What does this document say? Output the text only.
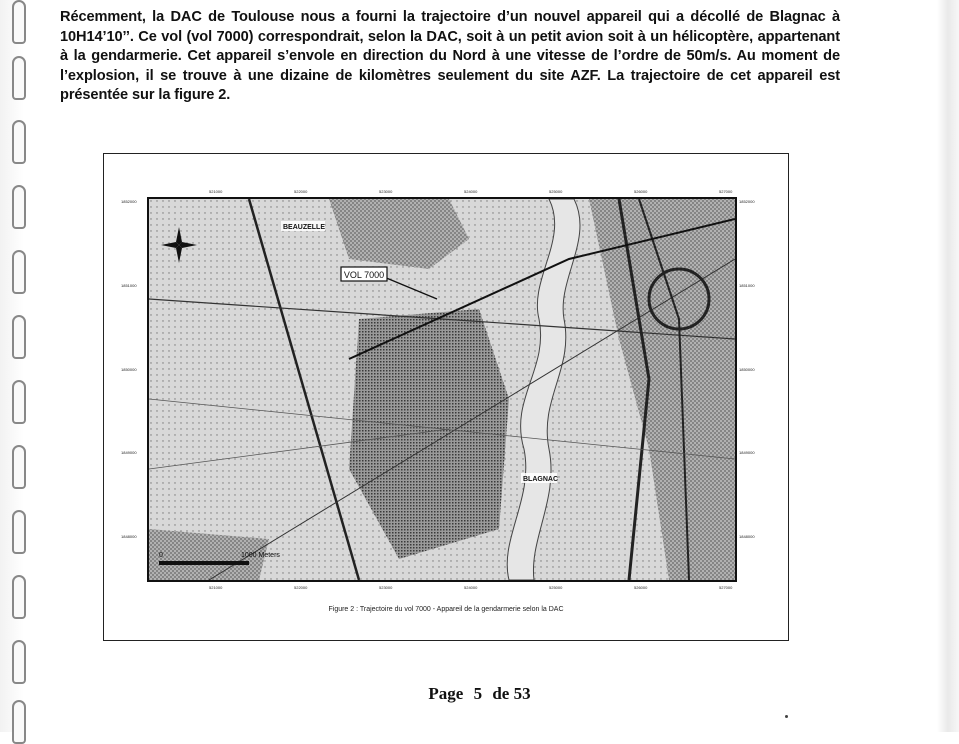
Récemment, la DAC de Toulouse nous a fourni la trajectoire d’un nouvel appareil qui a décollé de Blagnac à 10H14’10’’. Ce vol (vol 7000) correspondrait, selon la DAC, soit à un petit avion soit à un hélicoptère, appartenant à la gendarmerie. Cet appareil s’envole en direction du Nord à une vitesse de l’ordre de 50m/s. Au moment de l’explosion, il se trouve à une dizaine de kilomètres seulement du site AZF. La trajectoire de cet appareil est présentée sur la figure 2.

VOL 7000
BEAUZELLE
BLAGNAC
0	1000 Meters
521000	522000	523000	524000	525000	526000	527000
521000	522000	523000	524000	525000	526000	527000
1852000
1851000
1850000
1849000
1848000
1852000
1851000
1850000
1849000
1848000
Figure 2 : Trajectoire du vol 7000 - Appareil de la gendarmerie selon la DAC
Page 5 de 53
